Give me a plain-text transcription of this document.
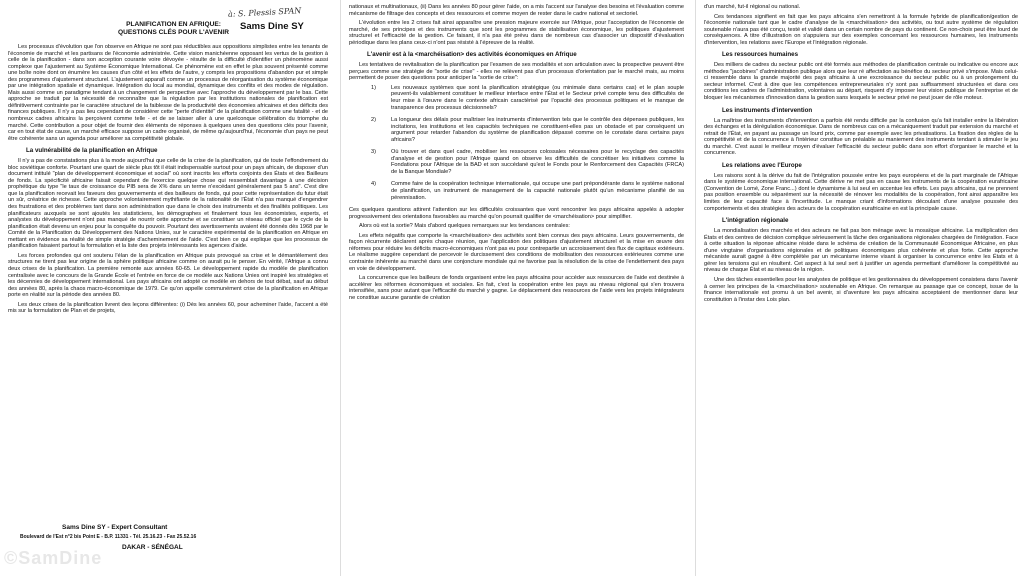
à: S. Plessis SPAN
PLANIFICATION EN AFRIQUE:
QUESTIONS CLÉS POUR L'AVENIR
Sams Dine SY

Les processus d'évolution que l'on observe en Afrique ne sont pas réductibles aux oppositions simplistes entre les tenants de l'économie de marché et les partisans de l'économie administrée. Cette vision manichéenne opposant les vertus de la gestion à celle de la planification - dans son acception courante voire dévoyée - résulte de la difficulté d'identifier un phénomène aussi complexe que l'ajustement au Système Économique International. Ce phénomène est en effet le plus souvent présenté comme une boîte noire dont on énumère les causes d'un côté et les effets de l'autre, y compris les propositions d'abandon pur et simple des programmes d'ajustement structurel. L'ajustement apparaît comme un processus de réorganisation du système économique par une intégration spatiale et dynamique. Intégration du local au mondial, dynamique des conflits et des modes de régulation. Mais aussi comme un paradigme tendant à un changement de perspective avec l'approche du développement par le bas. Cette approche se traduit par la nécessité de reconnaître que la régulation par les institutions nationales de planification est définitivement contrainte par le caractère structurel de la faiblesse de la productivité des économies africaines et des déficits des finances publiques. Il n'y a pas lieu cependant de considérer cette "perte d'identité" de la planification comme une fatalité - et de nombreux cadres africains la perçoivent comme telle - et de se laisser aller à une quelconque célébration du triomphe du marché. Cette contribution a pour objet de fournir des éléments de réponses à quelques unes des questions clés pour l'avenir, car en tout état de cause, un marché efficace suppose un cadre organisé, de même qu'aujourd'hui, l'économie d'un pays ne peut être cohérente sans un agenda pour améliorer sa compétitivité globale.

La vulnérabilité de la planification en Afrique

Il n'y a pas de constatations plus à la mode aujourd'hui que celle de la crise de la planification, qui de toute l'effondrement du bloc soviétique conforte. Pourtant une quart de siècle plus tôt il était indispensable surtout pour un pays africain, de disposer d'un document intitulé "plan de développement économique et social" où sont inscrits les efforts conjoints des États et des Bailleurs de fonds. La spécificité africaine faisait cependant de l'exercice quelque chose qui ressemblait davantage à une décision prophétique du type "le taux de croissance du PIB sera de X% dans un terme n'excédant généralement pas 5 ans". C'est dire que la planification recevait les faveurs des gouvernements et des bailleurs de fonds, qui pour cette représentation du futur était un sûr, créatrice de richesse. Cette approche volontairement mythifiante de la rationalité de l'État n'a pas manqué d'engendrer des frustrations et des problèmes tant dans son administration que dans le choix des instruments et des finalités politiques. Les planificateurs auxquels se sont ajoutés les statisticiens, les démographes et finalement tous les économistes, experts, et analystes du développement n'ont pas manqué de nourrir cette approche et se constituer un réseau officiel que le cycle de la planification était devenu un enjeu pour la conquête du pouvoir. Pourtant des avertissements avaient été donnés dès 1968 par le Comité de la Planification du Développement des Nations Unies, sur le caractère expérimental de la planification en Afrique en mettant en évidence sa réalité de simple stratégie d'acheminement de l'aide. C'est bien ce qui explique que les processus de planification faisaient partout la formulation et la liste des projets intéressants les agences d'aide.

Les forces profondes qui ont soutenu l'élan de la planification en Afrique puis provoqué sa crise et le démantèlement des structures ne tirent pas leur origine de la sphère politique africaine comme on aurait pu le penser. En vérité, l'Afrique a connu deux crises de la planification. La première remonte aux années 60-65. Le développement rapide du modèle de planification centralisée avec le concours de la Grande École et l'entrée en force de ce modèle aux Nations Unies ont inspiré les stratégies et les décennies de développement international. Les pays africains ont adopté ce modèle en dehors de tout débat, sauf au début des années 80, après la chaos macro-économique de 1979. Ce qu'on appelle communément crise de la planification en Afrique porte en réalité sur la période des années 80.

Les deux crises de la planification livrent des leçons différentes: (i) Dès les années 60, pour acheminer l'aide, l'accent a été mis sur la formulation de Plan et de projets,

Sams Dine SY - Expert Consultant
Boulevard de l'Est n°2 bis Point E - B.P. 11331 - Tél. 25.16.23 - Fax 25.52.16
DAKAR - SÉNÉGAL
©SamDine

nationaux et multinationaux, (ii) Dans les années 80 pour gérer l'aide, on a mis l'accent sur l'analyse des besoins et l'évaluation comme mécanisme de filtrage des concepts et des ressources et comme moyen de rester dans le cadre national et sectoriel.

L'évolution entre les 2 crises fait ainsi apparaître une pression majeure exercée sur l'Afrique, pour l'acceptation de l'économie de marché, de ses principes et des instruments que sont les programmes de stabilisation économique, les politiques d'ajustement structurel et l'efficacité de la gestion. Ce faisant, il n'a pas été prévu dans de nombreux cas d'associer un dispositif d'évaluation périodique dans les plans ceux-ci n'ont pas résisté à l'épreuve de la réalité.

L'avenir est à la <marchéisation> des activités économiques en Afrique

Les tentatives de revitalisation de la planification par l'examen de ses modalités et son articulation avec la prospective peuvent être perçues comme une stratégie de "sortie de crise" - elles ne relèvent pas d'un processus d'orientation par le marché mais, au moins permettent de poser des questions pour anticiper la "sortie de crise":

1)	Les nouveaux systèmes que sont la planification stratégique (ou minimale dans certains cas) et le plan souple peuvent-ils valablement constituer le meilleur interface entre l'État et le Secteur privé compte tenu des difficultés de leur mise à l'œuvre dans le contexte africain caractérisé par l'opacité des processus politiques et le manque de transparence des processus décisionnels?
2)	La longueur des délais pour maîtriser les instruments d'intervention tels que le contrôle des dépenses publiques, les incitations, les institutions et les capacités techniques ne constituent-elles pas un obstacle et par conséquent un argument pour retarder l'abandon du système de planification dépassé comme on le constate dans certains pays africains?
3)	Où trouver et dans quel cadre, mobiliser les ressources colossales nécessaires pour le recyclage des capacités d'analyse et de gestion pour l'Afrique quand on observe les difficultés de concrétiser les initiatives comme la Fondations pour l'Afrique de la BAD et son succédané qu'est le Fonds pour le Renforcement des Capacités (FRCA) de la Banque Mondiale?
4)	Comme faire de la coopération technique internationale, qui occupe une part prépondérante dans le système national de planification, un instrument de management de la capacité nationale plutôt qu'un mécanisme planifié de sa pérennisation.

Ces quelques questions attirent l'attention sur les difficultés croissantes que vont rencontrer les pays africains appelés à adopter progressivement des orientations favorables au marché qu'on pourrait qualifier de <marchéisation> pour simplifier.

Alors où est la sortie? Mais d'abord quelques remarques sur les tendances centrales:

Les effets négatifs que comporte la <marchéisation> des activités sont bien connus des pays africains. Leurs gouvernements, de façon récurrente déclarent après chaque réunion, que l'application des politiques d'ajustement structurel et la mise en œuvre des réformes pour réduire les déficits macro-économiques n'ont pas eu pour contrepartie un accroissement des flux de capitaux extérieurs. Le réalisme suggère cependant de percevoir le durcissement des conditions de mobilisation des ressources extérieures comme une contrainte inhérente au marché dans une conjoncture mondiale qui ne favorise pas la résolution de la crise de l'endettement des pays en voie de développement.

La concurrence que les bailleurs de fonds organisent entre les pays africains pour accéder aux ressources de l'aide est destinée à accélérer les réformes économiques et sociales. En fait, c'est la coopération entre les pays au niveau régional qui s'en trouvera intensifiée, sans pour autant que l'efficacité du marché y gagne. Le déplacement des ressources de l'aide vers les projets intégrateurs ne constitue aucune garantie de création

d'un marché, fut-il régional ou national.

Ces tendances signifient en fait que les pays africains s'en remettront à la formule hybride de planification/gestion de l'économie nationale tant que le cadre d'analyse de la <marchéisation> des activités, ou tout autre système de régulation soutenable n'aura pas été conçu, testé et validé dans un certain nombre de pays du continent. Ce non-choix peut être lourd de conséquences. A titre d'illustration on s'appuiera sur des exemples concernant les ressources humaines, les instruments d'intervention, les relations avec l'Europe et l'intégration régionale.

Les ressources humaines

Des milliers de cadres du secteur public ont été formés aux méthodes de planification centrale ou indicative ou encore aux méthodes "jacobines" d'administration publique alors que leur ré affectation au bénéfice du secteur privé s'impose. Mais celui-ci ressemble dans la grande majorité des pays africains à une excroissance du secteur public ou à un prolongement du secteur informel. C'est à dire que les compétences entrepreneuriales n'y sont pas suffisamment structurées et dans ces conditions les cadres de l'administration, volontaires au départ, risquent d'y imposer leur vision publique de l'entreprise et de bloquer les mécanismes d'innovation dans la gestion sans lesquels le secteur privé ne peut jouer de rôle moteur.

Les instruments d'intervention

La maîtrise des instruments d'intervention a parfois été rendu difficile par la confusion qu'a fait installer entre la libération des échanges et la dérégulation économique. Dans de nombreux cas on a mécaniquement traduit par extension du marché et retrait de l'État, en payant au passage un lourd prix, comme par exemple avec les privatisations. La fixation des règles de la compétitivité et de la concurrence à l'intérieur constitue un préalable au maniement des instruments tendant à stimuler le jeu du marché. C'est aussi le meilleur moyen d'évaluer l'efficacité du secteur public dans son effort d'organiser le marché et la concurrence.

Les relations avec l'Europe

Les raisons sont à la dérive du fait de l'intégration poussée entre les pays européens et de la part marginale de l'Afrique dans le système économique international. Cette dérive ne met pas en cause les instruments de la coopération eurafricaine (Convention de Lomé, Zone Franc...) dont le dynamisme à lui seul en accentue les effets. Les pays africains, qui ne prennent pas position ensemble ou séparément sur la nécessité de rénover les modalités de la coopération, font ainsi apparaître les limites de leur capacité face à l'incertitude. Le manque criant d'informations découlant d'une analyse poussée des comportements et des stratégies des acteurs de la coopération eurafricaine en est la principale cause.

L'intégration régionale

La mondialisation des marchés et des acteurs ne fait pas bon ménage avec la mosaïque africaine. La multiplication des États et des centres de décision complique sérieusement la tâche des organisations régionales chargées de l'intégration. Face à cette situation la réponse africaine réside dans le schéma de création de la Communauté Économique Africaine, en plus d'une vingtaine d'organisations régionales et de politiques économiques plus cohérente et plus forte. Cette approche mécaniste aurait gagné à être complétée par un mécanisme interne visant à organiser la concurrence entre les États et à gérer les tensions qui en résultent. Cet aspect à lui seul sert à justifier un agenda permettant d'améliorer la compétitivité au niveau de chaque État et au niveau de la région.

Une des tâches essentielles pour les analystes de politique et les gestionnaires du développement consistera dans l'avenir à cerner les principes de la <marchéisation> soutenable en Afrique. On remarque au passage que ce concept, issue de la finance internationale est promu à un bel avenir, si d'aventure les pays africains acceptaient de mentionner dans leur constitution à l'instar des Lois plan.
